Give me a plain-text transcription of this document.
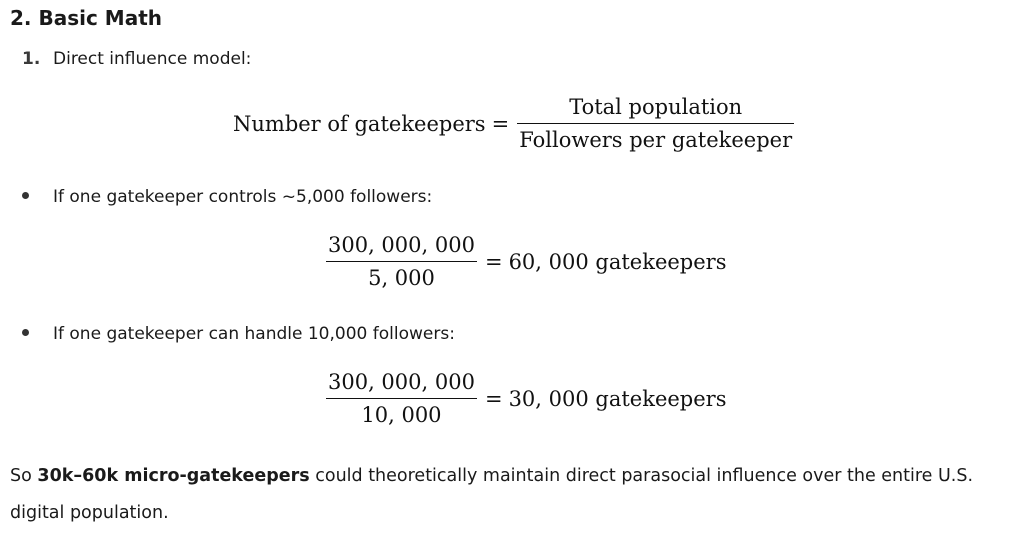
2. Basic Math
1. Direct influence model:
Number of gatekeepers = $\frac{\text{Total population}}{\text{Followers per gatekeeper}}$
If one gatekeeper controls ~5,000 followers:
$\frac{300, 000, 000}{5, 000} = 60$, 000 gatekeepers
If one gatekeeper can handle 10,000 followers:
$\frac{300, 000, 000}{10, 000} = 30$, 000 gatekeepers

So 30k–60k micro-gatekeepers could theoretically maintain direct parasocial influence over the entire U.S. digital population.
